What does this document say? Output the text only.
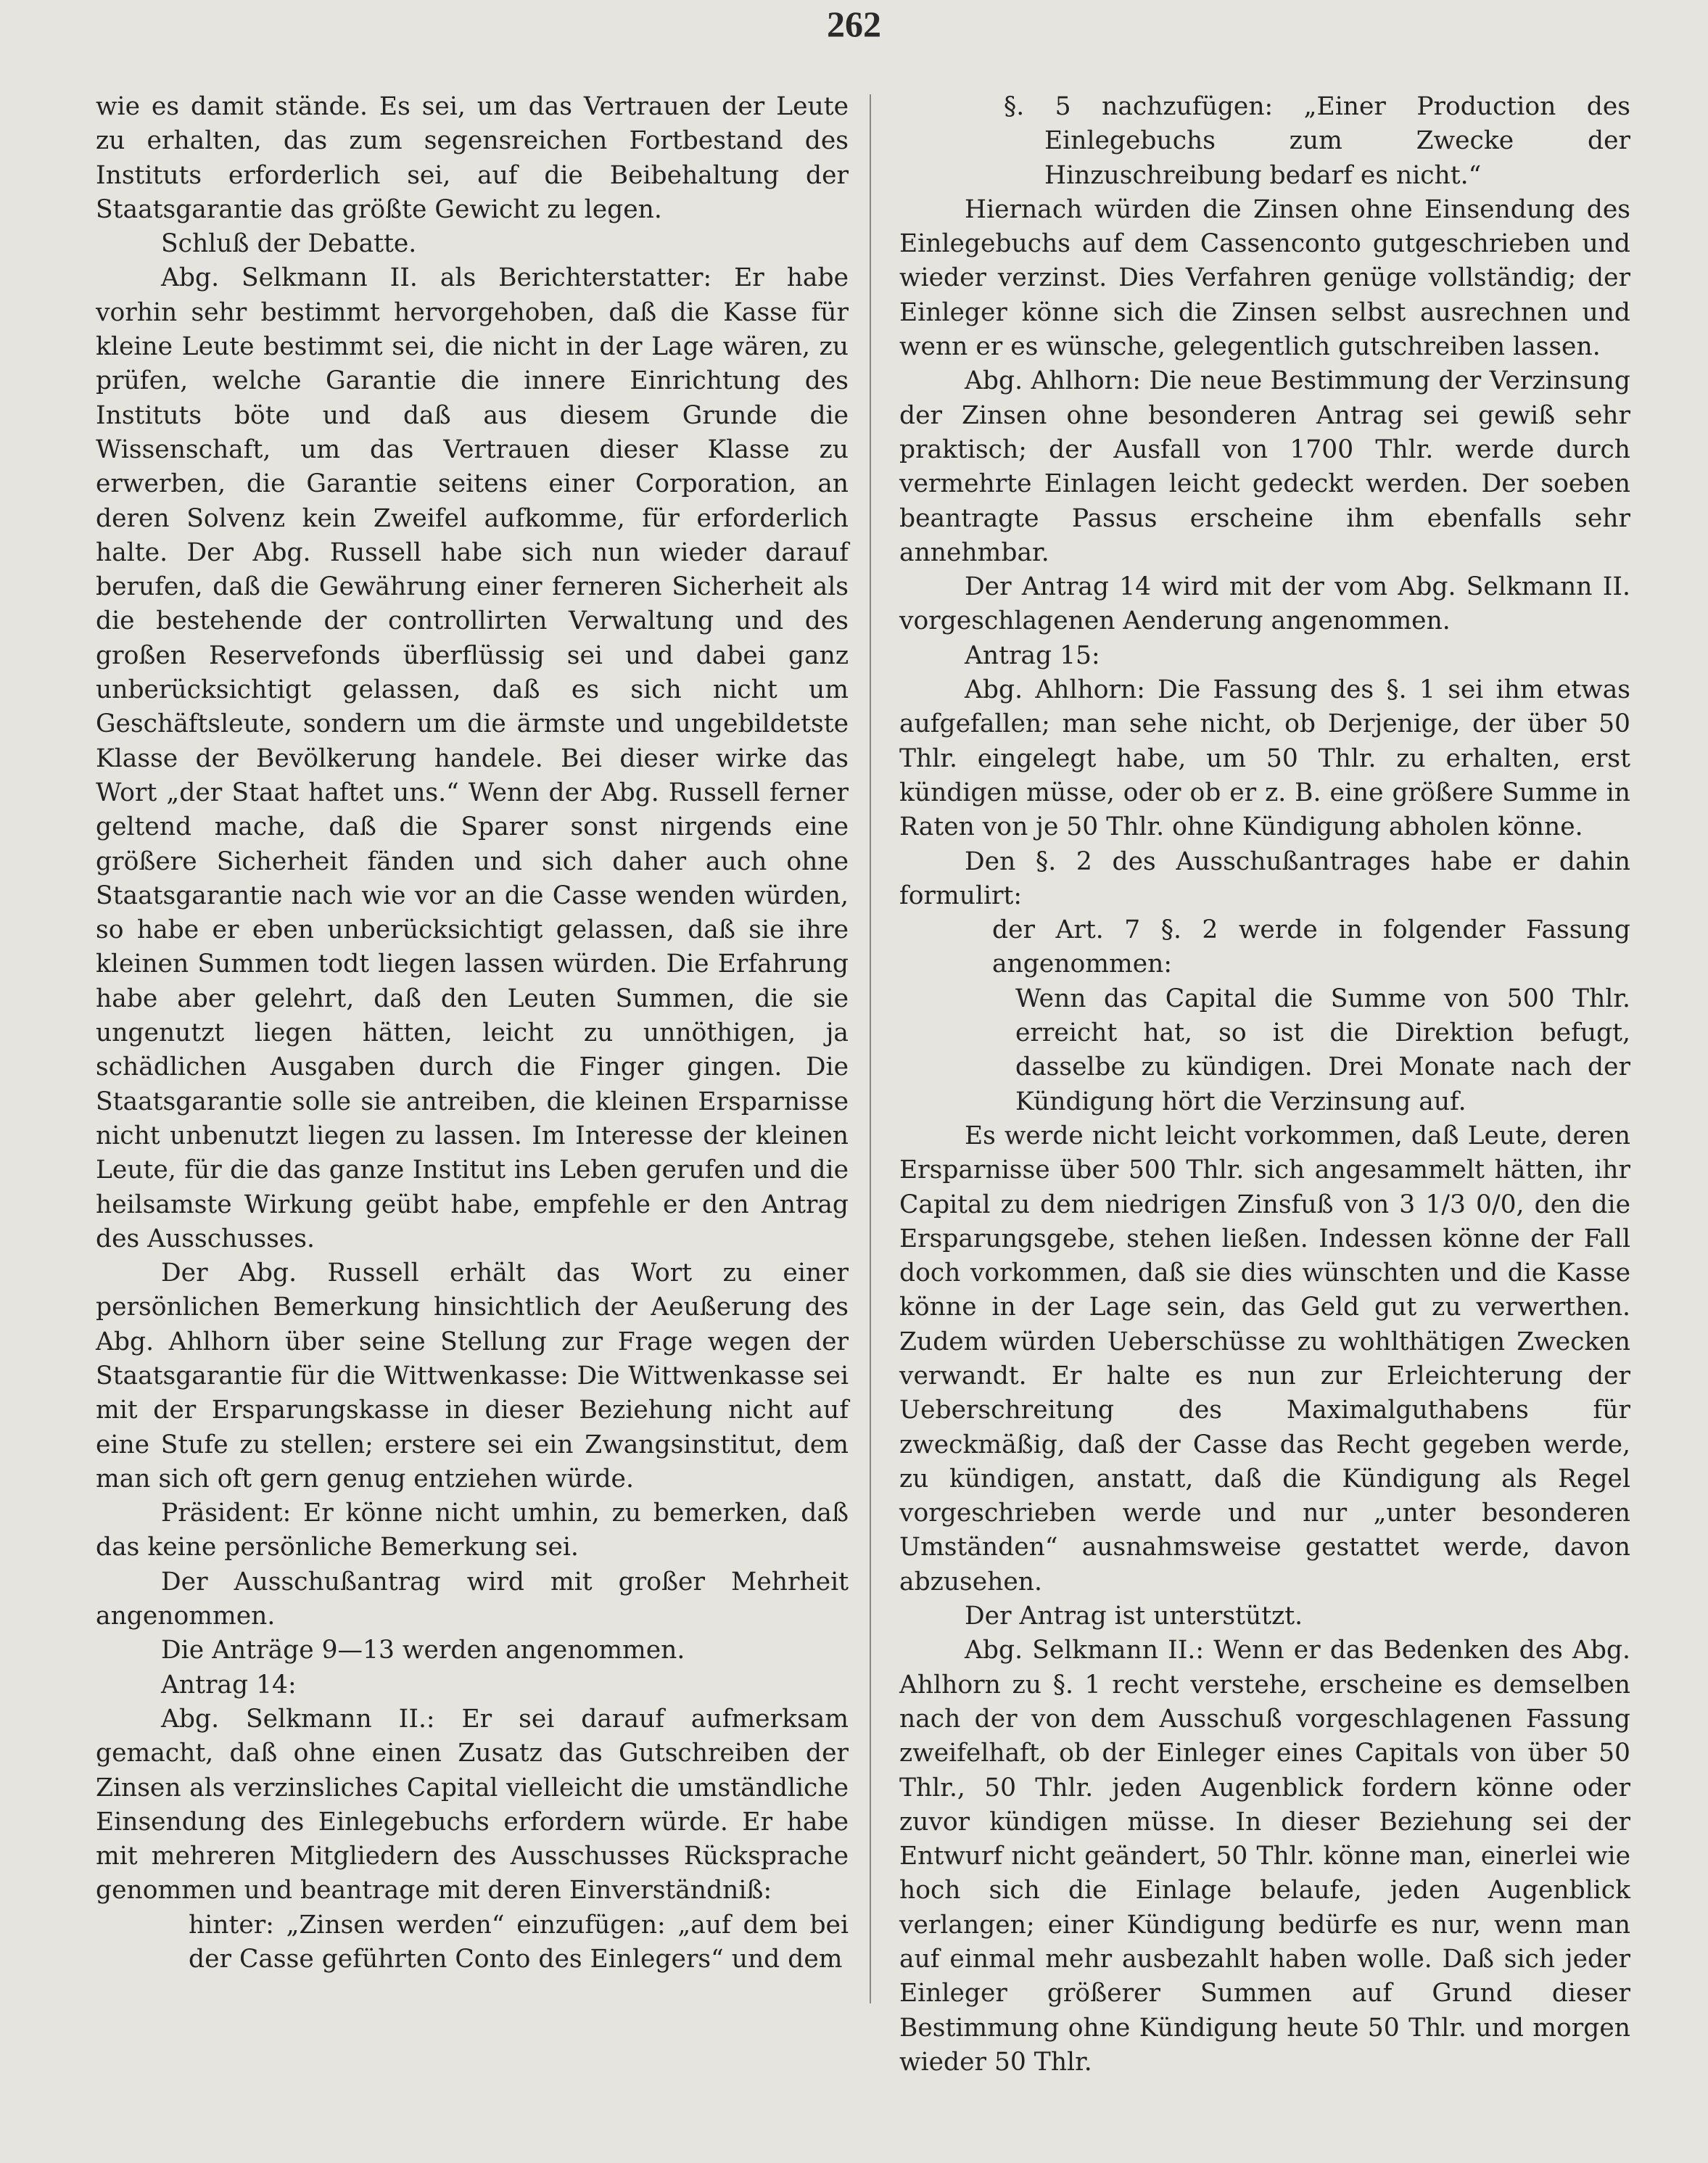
262

wie es damit stände. Es sei, um das Vertrauen der Leute zu erhalten, das zum segensreichen Fortbestand des Instituts erforderlich sei, auf die Beibehaltung der Staatsgarantie das größte Gewicht zu legen.

Schluß der Debatte.

Abg. Selkmann II. als Berichterstatter: Er habe vorhin sehr bestimmt hervorgehoben, daß die Kasse für kleine Leute bestimmt sei, die nicht in der Lage wären, zu prüfen, welche Garantie die innere Einrichtung des Instituts böte und daß aus diesem Grunde die Wissenschaft, um das Vertrauen dieser Klasse zu erwerben, die Garantie seitens einer Corporation, an deren Solvenz kein Zweifel aufkomme, für erforderlich halte. Der Abg. Russell habe sich nun wieder darauf berufen, daß die Gewährung einer ferneren Sicherheit als die bestehende der controllirten Verwaltung und des großen Reservefonds überflüssig sei und dabei ganz unberücksichtigt gelassen, daß es sich nicht um Geschäftsleute, sondern um die ärmste und ungebildetste Klasse der Bevölkerung handele. Bei dieser wirke das Wort „der Staat haftet uns.“ Wenn der Abg. Russell ferner geltend mache, daß die Sparer sonst nirgends eine größere Sicherheit fänden und sich daher auch ohne Staatsgarantie nach wie vor an die Casse wenden würden, so habe er eben unberücksichtigt gelassen, daß sie ihre kleinen Summen todt liegen lassen würden. Die Erfahrung habe aber gelehrt, daß den Leuten Summen, die sie ungenutzt liegen hätten, leicht zu unnöthigen, ja schädlichen Ausgaben durch die Finger gingen. Die Staatsgarantie solle sie antreiben, die kleinen Ersparnisse nicht unbenutzt liegen zu lassen. Im Interesse der kleinen Leute, für die das ganze Institut ins Leben gerufen und die heilsamste Wirkung geübt habe, empfehle er den Antrag des Ausschusses.

Der Abg. Russell erhält das Wort zu einer persönlichen Bemerkung hinsichtlich der Aeußerung des Abg. Ahlhorn über seine Stellung zur Frage wegen der Staatsgarantie für die Wittwenkasse: Die Wittwenkasse sei mit der Ersparungskasse in dieser Beziehung nicht auf eine Stufe zu stellen; erstere sei ein Zwangsinstitut, dem man sich oft gern genug entziehen würde.

Präsident: Er könne nicht umhin, zu bemerken, daß das keine persönliche Bemerkung sei.

Der Ausschußantrag wird mit großer Mehrheit angenommen.

Die Anträge 9—13 werden angenommen.

Antrag 14:

Abg. Selkmann II.: Er sei darauf aufmerksam gemacht, daß ohne einen Zusatz das Gutschreiben der Zinsen als verzinsliches Capital vielleicht die umständliche Einsendung des Einlegebuchs erfordern würde. Er habe mit mehreren Mitgliedern des Ausschusses Rücksprache genommen und beantrage mit deren Einverständniß:

hinter: „Zinsen werden“ einzufügen: „auf dem bei der Casse geführten Conto des Einlegers“ und dem

§. 5 nachzufügen: „Einer Production des Einlegebuchs zum Zwecke der Hinzuschreibung bedarf es nicht.“

Hiernach würden die Zinsen ohne Einsendung des Einlegebuchs auf dem Cassenconto gutgeschrieben und wieder verzinst. Dies Verfahren genüge vollständig; der Einleger könne sich die Zinsen selbst ausrechnen und wenn er es wünsche, gelegentlich gutschreiben lassen.

Abg. Ahlhorn: Die neue Bestimmung der Verzinsung der Zinsen ohne besonderen Antrag sei gewiß sehr praktisch; der Ausfall von 1700 Thlr. werde durch vermehrte Einlagen leicht gedeckt werden. Der soeben beantragte Passus erscheine ihm ebenfalls sehr annehmbar.

Der Antrag 14 wird mit der vom Abg. Selkmann II. vorgeschlagenen Aenderung angenommen.

Antrag 15:

Abg. Ahlhorn: Die Fassung des §. 1 sei ihm etwas aufgefallen; man sehe nicht, ob Derjenige, der über 50 Thlr. eingelegt habe, um 50 Thlr. zu erhalten, erst kündigen müsse, oder ob er z. B. eine größere Summe in Raten von je 50 Thlr. ohne Kündigung abholen könne.

Den §. 2 des Ausschußantrages habe er dahin formulirt:

der Art. 7 §. 2 werde in folgender Fassung angenommen:

Wenn das Capital die Summe von 500 Thlr. erreicht hat, so ist die Direktion befugt, dasselbe zu kündigen. Drei Monate nach der Kündigung hört die Verzinsung auf.

Es werde nicht leicht vorkommen, daß Leute, deren Ersparnisse über 500 Thlr. sich angesammelt hätten, ihr Capital zu dem niedrigen Zinsfuß von 3 1/3 0/0, den die Ersparungsgebe, stehen ließen. Indessen könne der Fall doch vorkommen, daß sie dies wünschten und die Kasse könne in der Lage sein, das Geld gut zu verwerthen. Zudem würden Ueberschüsse zu wohlthätigen Zwecken verwandt. Er halte es nun zur Erleichterung der Ueberschreitung des Maximalguthabens für zweckmäßig, daß der Casse das Recht gegeben werde, zu kündigen, anstatt, daß die Kündigung als Regel vorgeschrieben werde und nur „unter besonderen Umständen“ ausnahmsweise gestattet werde, davon abzusehen.

Der Antrag ist unterstützt.

Abg. Selkmann II.: Wenn er das Bedenken des Abg. Ahlhorn zu §. 1 recht verstehe, erscheine es demselben nach der von dem Ausschuß vorgeschlagenen Fassung zweifelhaft, ob der Einleger eines Capitals von über 50 Thlr., 50 Thlr. jeden Augenblick fordern könne oder zuvor kündigen müsse. In dieser Beziehung sei der Entwurf nicht geändert, 50 Thlr. könne man, einerlei wie hoch sich die Einlage belaufe, jeden Augenblick verlangen; einer Kündigung bedürfe es nur, wenn man auf einmal mehr ausbezahlt haben wolle. Daß sich jeder Einleger größerer Summen auf Grund dieser Bestimmung ohne Kündigung heute 50 Thlr. und morgen wieder 50 Thlr.
